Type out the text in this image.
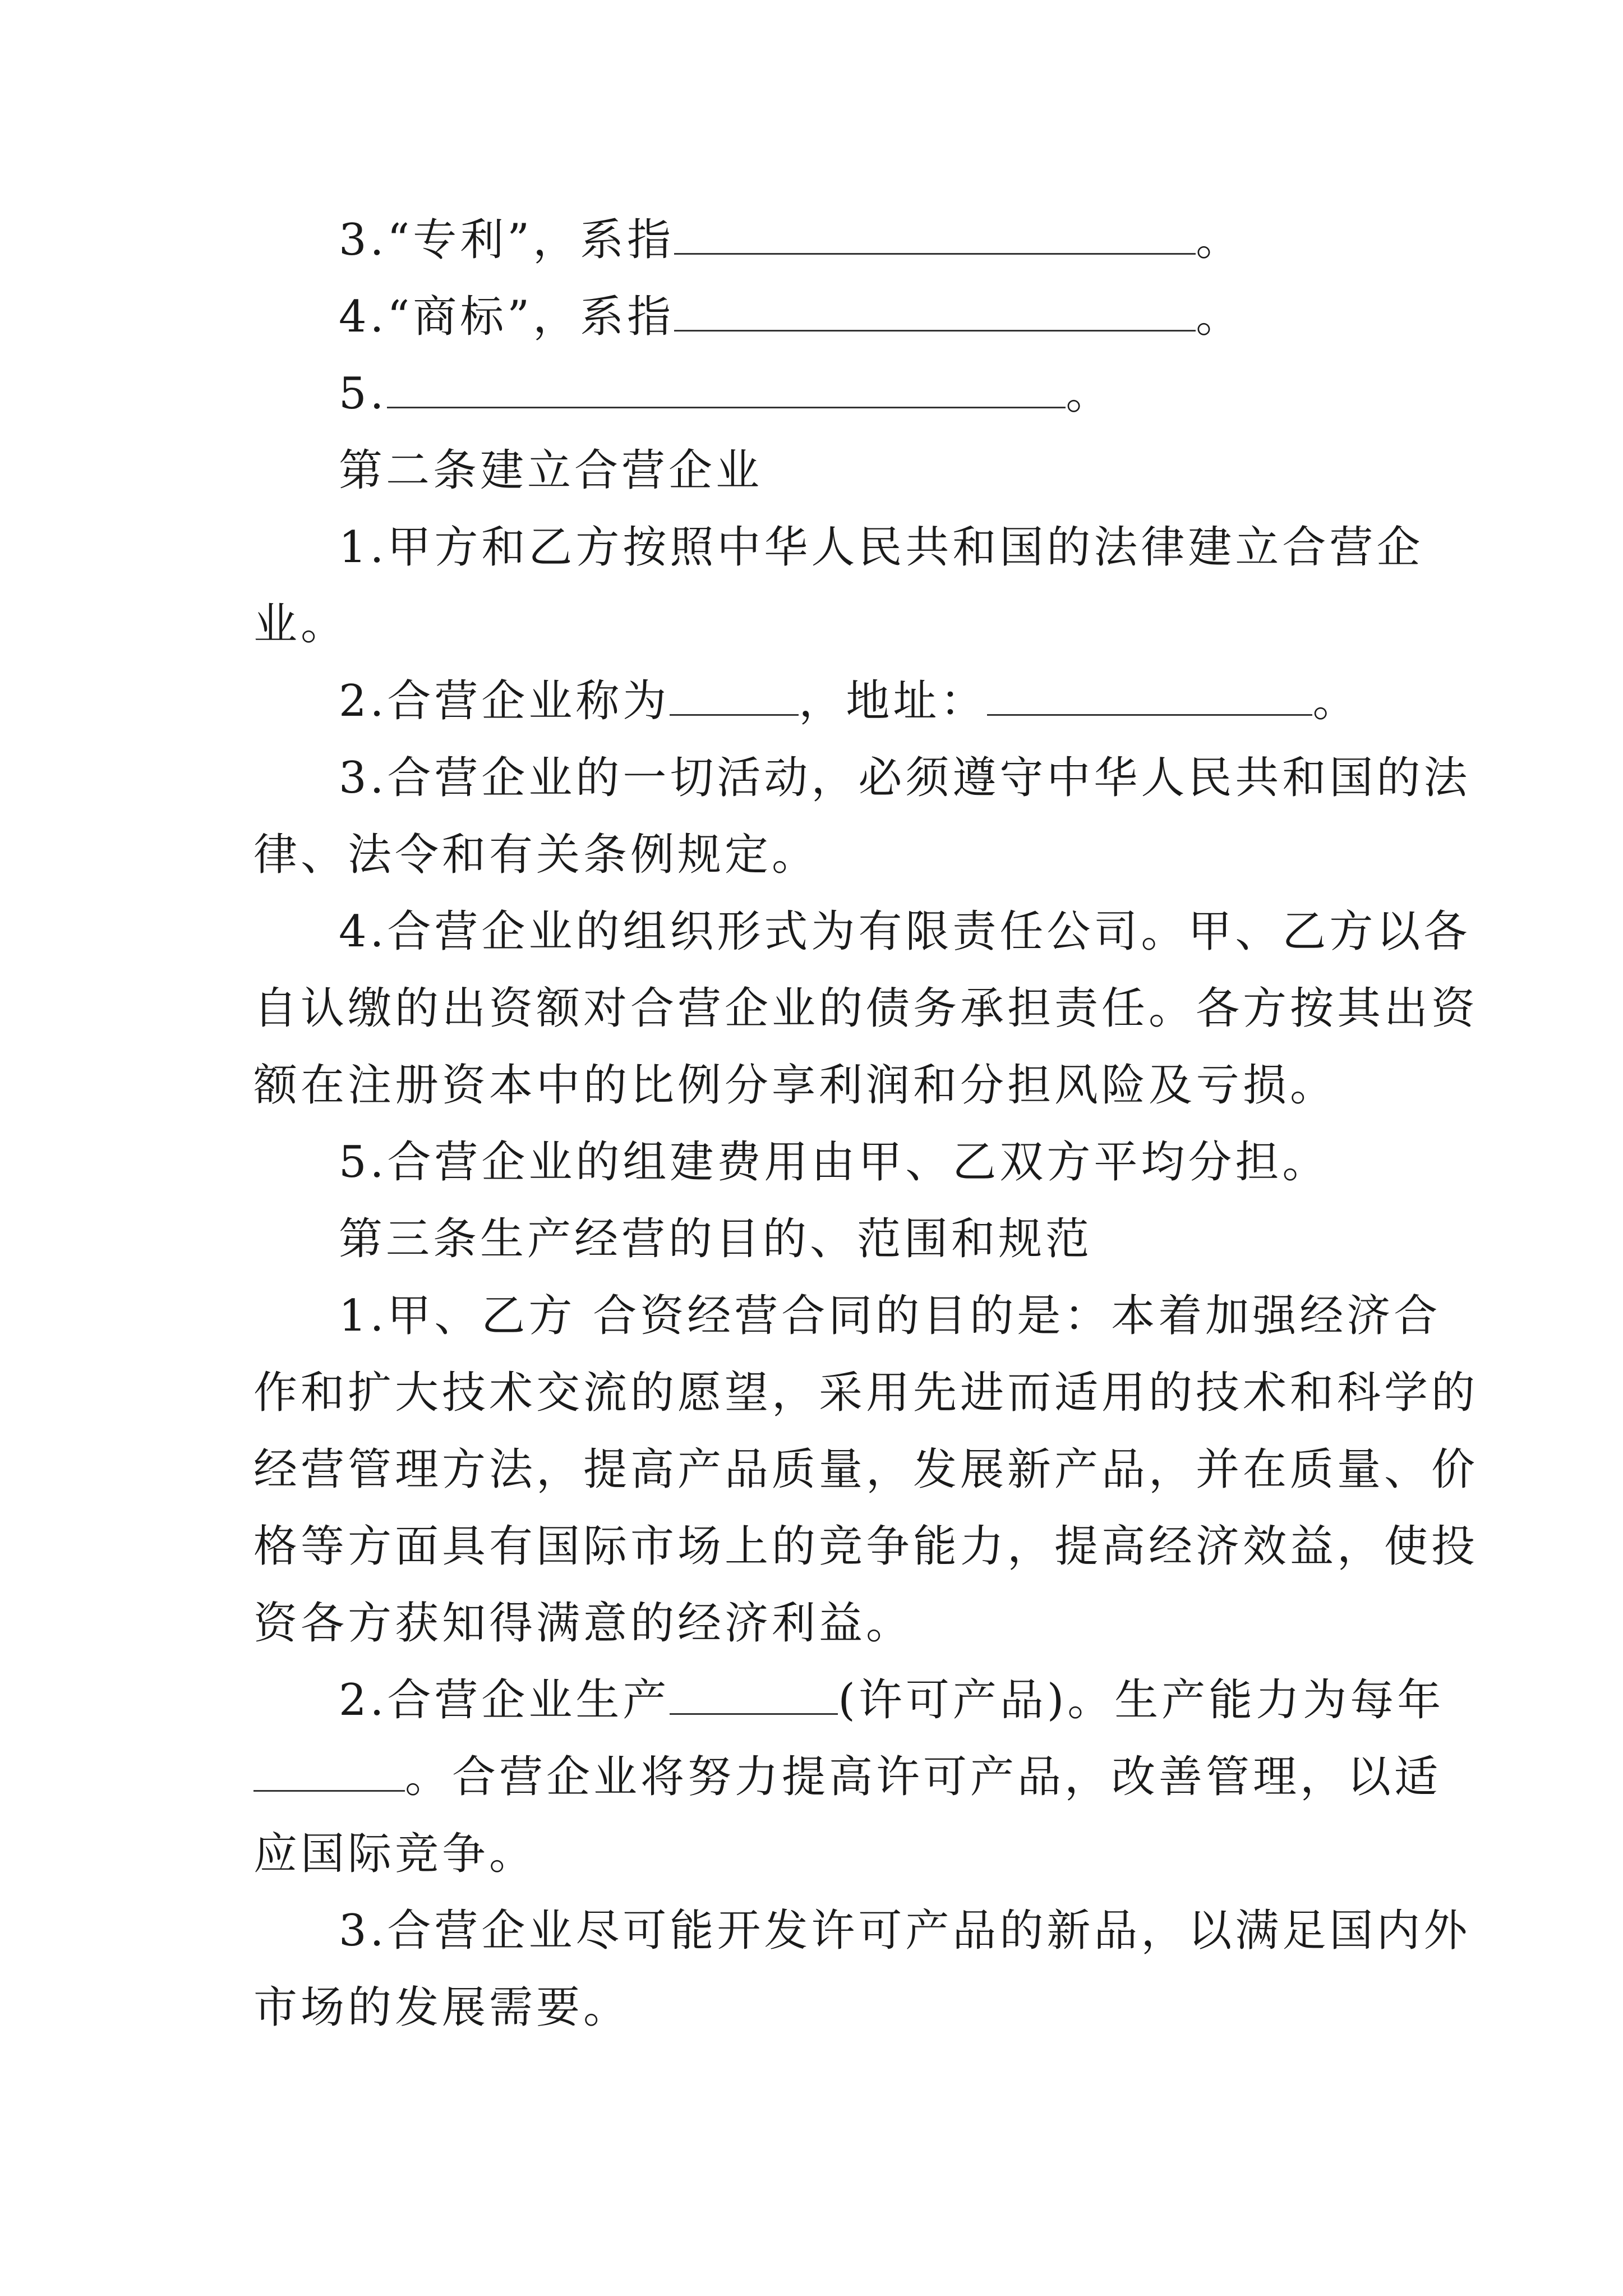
3.“专利”，系指	。
4.“商标”，系指	。
5.	。
第二条建立合营企业
1.甲方和乙方按照中华人民共和国的法律建立合营企
业。
2.合营企业称为	，地址：	。
3.合营企业的一切活动，必须遵守中华人民共和国的法
律、法令和有关条例规定。
4.合营企业的组织形式为有限责任公司。甲、乙方以各
自认缴的出资额对合营企业的债务承担责任。各方按其出资
额在注册资本中的比例分享利润和分担风险及亏损。
5.合营企业的组建费用由甲、乙双方平均分担。
第三条生产经营的目的、范围和规范
1.甲、乙方 合资经营合同的目的是：本着加强经济合
作和扩大技术交流的愿望，采用先进而适用的技术和科学的
经营管理方法，提高产品质量，发展新产品，并在质量、价
格等方面具有国际市场上的竞争能力，提高经济效益，使投
资各方获知得满意的经济利益。
2.合营企业生产	(许可产品)。生产能力为每年
。合营企业将努力提高许可产品，改善管理，以适
应国际竞争。
3.合营企业尽可能开发许可产品的新品，以满足国内外
市场的发展需要。
